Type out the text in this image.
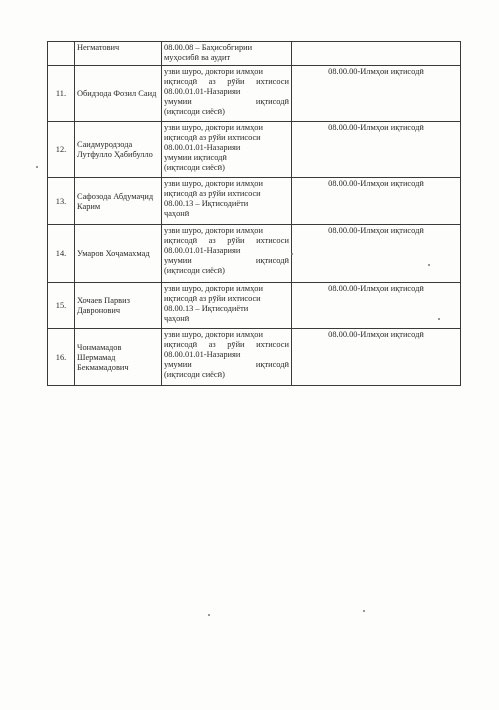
	Негматович	08.00.08 – Баҳисобгирии
муҳосибӣ ва аудит	

11.	Обидзода Фозил Саид	узви шуро, доктори илмҳои
иқтисодӣ аз рӯйи ихтисоси
08.00.01.01-Назарияи
умумии иқтисодӣ
(иқтисоди сиёсӣ)	08.00.00-Илмҳои иқтисодӣ
12.	Саидмуродзода Лутфулло Ҳабибулло	узви шуро, доктори илмҳои
иқтисодӣ аз рӯйи ихтисоси
08.00.01.01-Назарияи
умумии иқтисодӣ
(иқтисоди сиёсӣ)	08.00.00-Илмҳои иқтисодӣ
13.	Сафозода Абдумаҷид Карим	узви шуро, доктори илмҳои
иқтисодӣ аз рӯйи ихтисоси
08.00.13 – Иқтисодиёти
ҷаҳонӣ	08.00.00-Илмҳои иқтисодӣ
14.	Умаров Хоҷамахмад	узви шуро, доктори илмҳои
иқтисодӣ аз рӯйи ихтисоси
08.00.01.01-Назарияи
умумии иқтисодӣ
(иқтисоди сиёсӣ)	08.00.00-Илмҳои иқтисодӣ
15.	Хочаев Парвиз Давронович	узви шуро, доктори илмҳои
иқтисодӣ аз рӯйи ихтисоси
08.00.13 – Иқтисодиёти
ҷаҳонӣ	08.00.00-Илмҳои иқтисодӣ
16.	Чонмамадов Шермамад Бекмамадович	узви шуро, доктори илмҳои
иқтисодӣ аз рӯйи ихтисоси
08.00.01.01-Назарияи
умумии иқтисодӣ
(иқтисоди сиёсӣ)	08.00.00-Илмҳои иқтисодӣ
